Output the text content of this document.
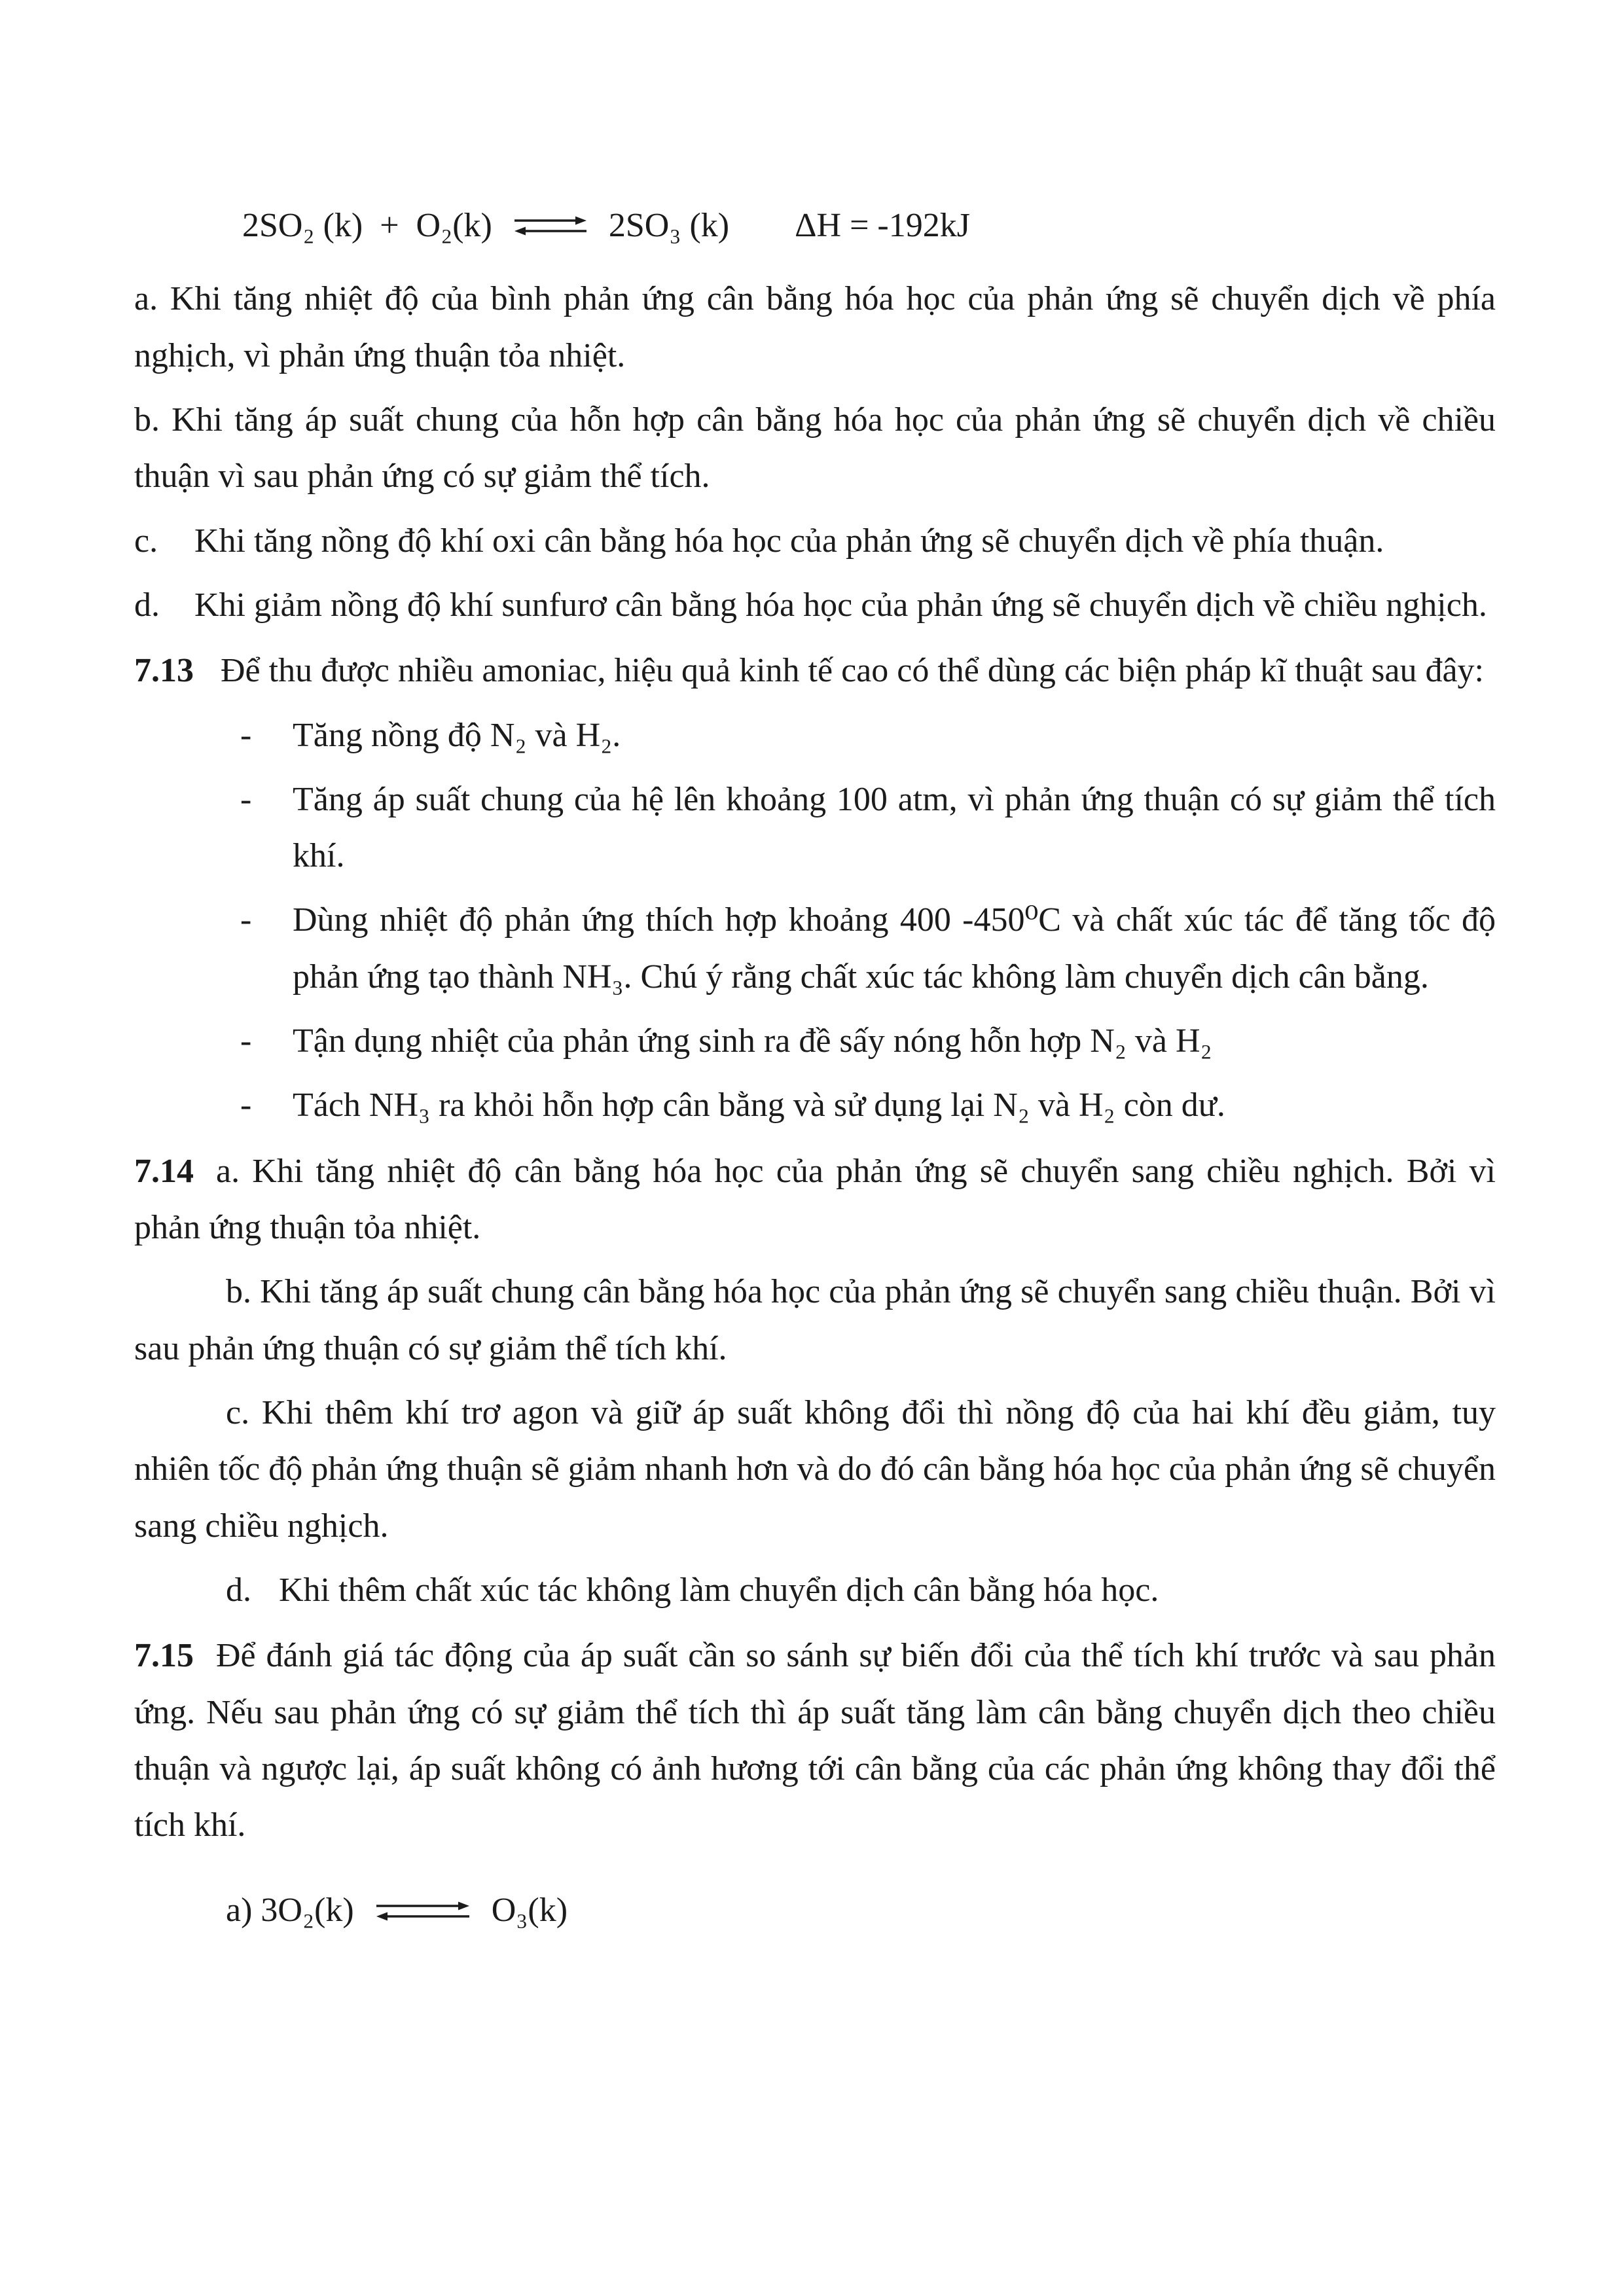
2SO₂ (k)  +  O₂(k) ⇌ 2SO₃ (k) ΔH = -192kJ

a. Khi tăng nhiệt độ của bình phản ứng cân bằng hóa học của phản ứng sẽ chuyển dịch về phía nghịch, vì phản ứng thuận tỏa nhiệt.

b. Khi tăng áp suất chung của hỗn hợp cân bằng hóa học của phản ứng sẽ chuyển dịch về chiều thuận vì sau phản ứng có sự giảm thể tích.

c. Khi tăng nồng độ khí oxi cân bằng hóa học của phản ứng sẽ chuyển dịch về phía thuận.

d. Khi giảm nồng độ khí sunfurơ cân bằng hóa học của phản ứng sẽ chuyển dịch về chiều nghịch.

7.13 Để thu được nhiều amoniac, hiệu quả kinh tế cao có thể dùng các biện pháp kĩ thuật sau đây:

- Tăng nồng độ N₂ và H₂.
- Tăng áp suất chung của hệ lên khoảng 100 atm, vì phản ứng thuận có sự giảm thể tích khí.
- Dùng nhiệt độ phản ứng thích hợp khoảng 400 -450⁰C và chất xúc tác để tăng tốc độ phản ứng tạo thành NH₃. Chú ý rằng chất xúc tác không làm chuyển dịch cân bằng.
- Tận dụng nhiệt của phản ứng sinh ra đề sấy nóng hỗn hợp N₂ và H₂
- Tách NH₃ ra khỏi hỗn hợp cân bằng và sử dụng lại N₂ và H₂ còn dư.

7.14 a. Khi tăng nhiệt độ cân bằng hóa học của phản ứng sẽ chuyển sang chiều nghịch. Bởi vì phản ứng thuận tỏa nhiệt.

b. Khi tăng áp suất chung cân bằng hóa học của phản ứng sẽ chuyển sang chiều thuận. Bởi vì sau phản ứng thuận có sự giảm thể tích khí.

c. Khi thêm khí trơ agon và giữ áp suất không đổi thì nồng độ của hai khí đều giảm, tuy nhiên tốc độ phản ứng thuận sẽ giảm nhanh hơn và do đó cân bằng hóa học của phản ứng sẽ chuyển sang chiều nghịch.

d. Khi thêm chất xúc tác không làm chuyển dịch cân bằng hóa học.

7.15 Để đánh giá tác động của áp suất cần so sánh sự biến đổi của thể tích khí trước và sau phản ứng. Nếu sau phản ứng có sự giảm thể tích thì áp suất tăng làm cân bằng chuyển dịch theo chiều thuận và ngược lại, áp suất không có ảnh hương tới cân bằng của các phản ứng không thay đổi thể tích khí.

a) 3O₂(k) ⇌ O₃(k)
